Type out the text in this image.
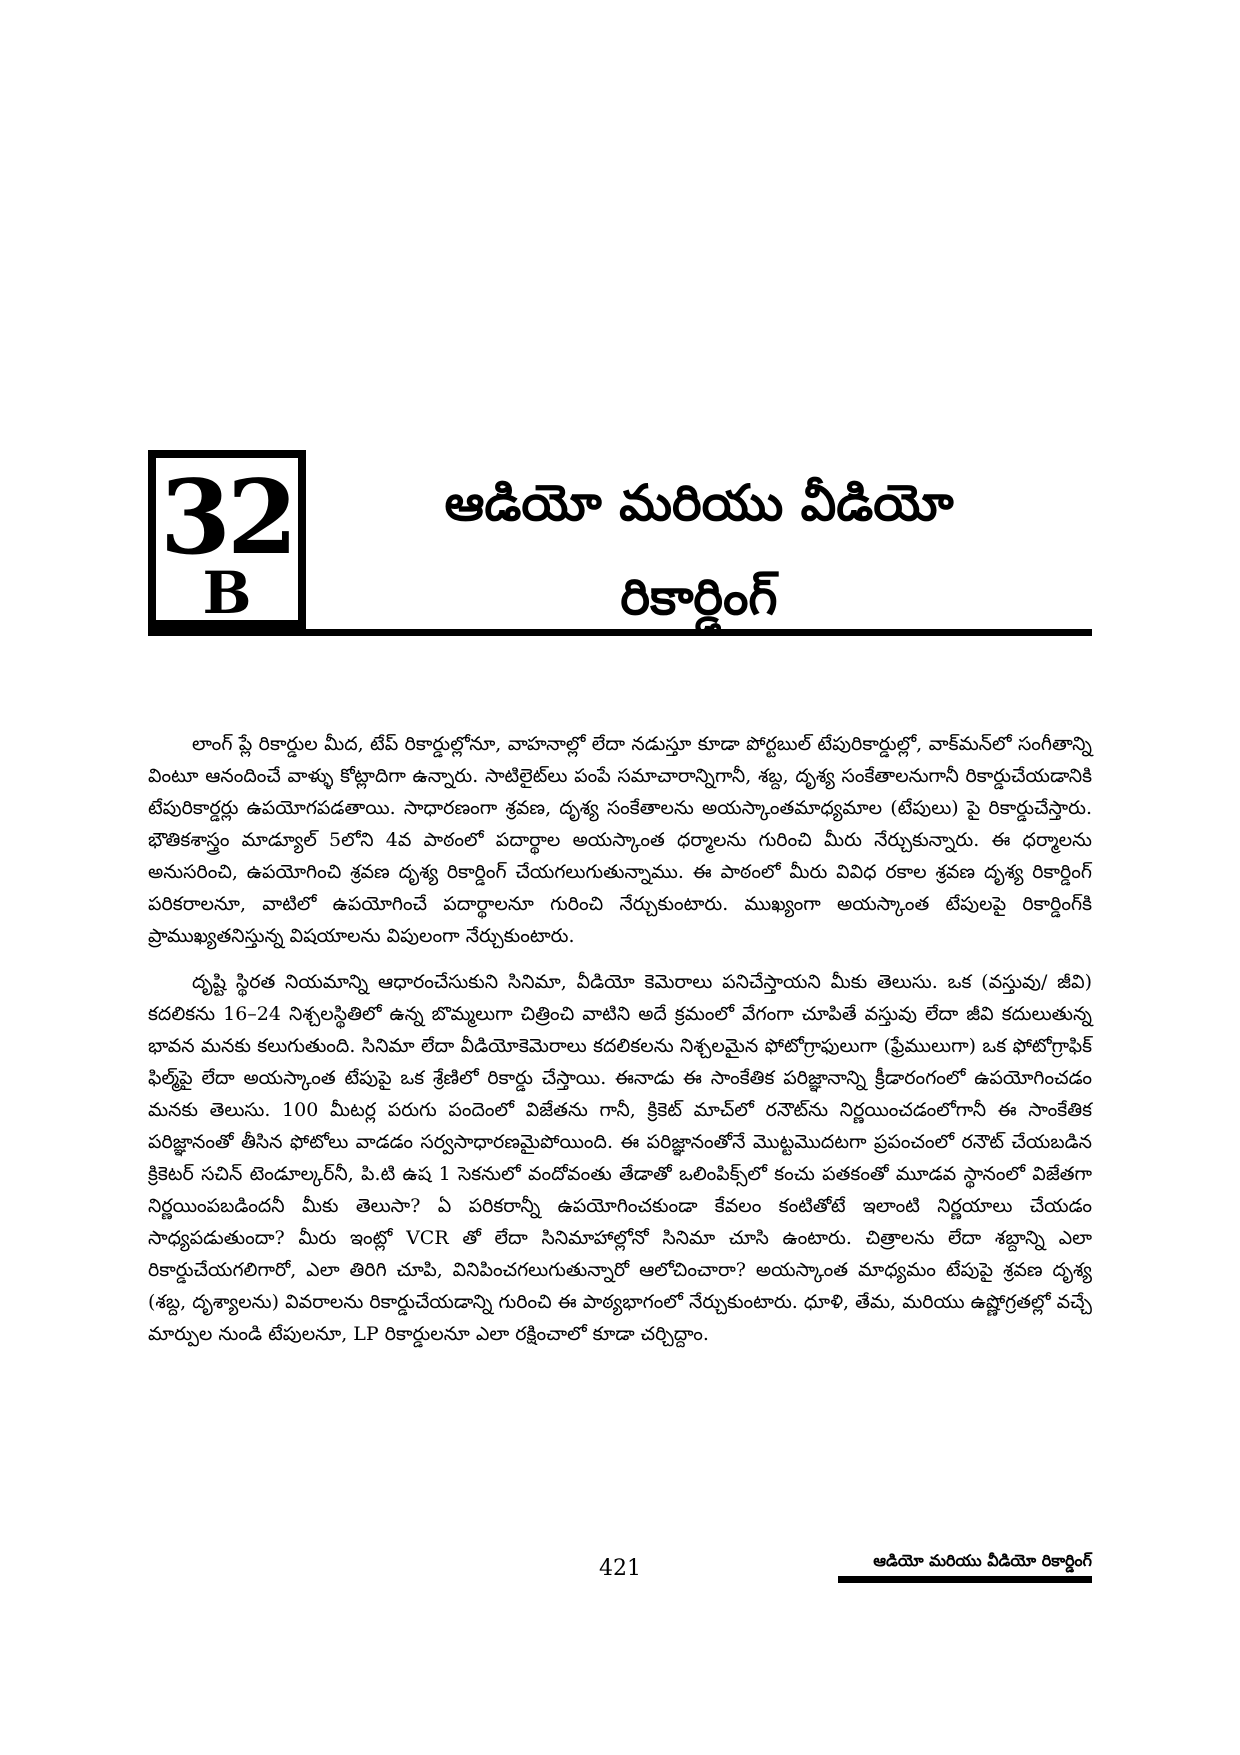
32
B
ఆడియో మరియు వీడియో
రికార్డింగ్

లాంగ్ ప్లే రికార్డుల మీద, టేప్ రికార్డుల్లోనూ, వాహనాల్లో లేదా నడుస్తూ కూడా పోర్టబుల్ టేపురికార్డుల్లో, వాక్‌మన్‌లో సంగీతాన్ని వింటూ ఆనందించే వాళ్ళు కోట్లాదిగా ఉన్నారు. సాటిలైట్‌లు పంపే సమాచారాన్నిగానీ, శబ్ద, దృశ్య సంకేతాలనుగానీ రికార్డుచేయడానికి టేపురికార్డర్లు ఉపయోగపడతాయి. సాధారణంగా శ్రవణ, దృశ్య సంకేతాలను అయస్కాంతమాధ్యమాల (టేపులు) పై రికార్డుచేస్తారు. భౌతికశాస్త్రం మాడ్యూల్ 5లోని 4వ పాఠంలో పదార్థాల అయస్కాంత ధర్మాలను గురించి మీరు నేర్చుకున్నారు. ఈ ధర్మాలను అనుసరించి, ఉపయోగించి శ్రవణ దృశ్య రికార్డింగ్ చేయగలుగుతున్నాము. ఈ పాఠంలో మీరు వివిధ రకాల శ్రవణ దృశ్య రికార్డింగ్ పరికరాలనూ, వాటిలో ఉపయోగించే పదార్థాలనూ గురించి నేర్చుకుంటారు. ముఖ్యంగా అయస్కాంత టేపులపై రికార్డింగ్‌కి ప్రాముఖ్యతనిస్తున్న విషయాలను విపులంగా నేర్చుకుంటారు.

దృష్టి స్థిరత నియమాన్ని ఆధారంచేసుకుని సినిమా, వీడియో కెమెరాలు పనిచేస్తాయని మీకు తెలుసు. ఒక (వస్తువు/ జీవి) కదలికను 16–24 నిశ్చలస్థితిలో ఉన్న బొమ్మలుగా చిత్రించి వాటిని అదే క్రమంలో వేగంగా చూపితే వస్తువు లేదా జీవి కదులుతున్న భావన మనకు కలుగుతుంది. సినిమా లేదా వీడియోకెమెరాలు కదలికలను నిశ్చలమైన ఫోటోగ్రాఫులుగా (ఫ్రేములుగా) ఒక ఫోటోగ్రాఫిక్ ఫిల్మ్‌పై లేదా అయస్కాంత టేపుపై ఒక శ్రేణిలో రికార్డు చేస్తాయి. ఈనాడు ఈ సాంకేతిక పరిజ్ఞానాన్ని క్రీడారంగంలో ఉపయోగించడం మనకు తెలుసు. 100 మీటర్ల పరుగు పందెంలో విజేతను గానీ, క్రికెట్ మాచ్‌లో రనౌట్‌ను నిర్ణయించడంలోగానీ ఈ సాంకేతిక పరిజ్ఞానంతో తీసిన ఫోటోలు వాడడం సర్వసాధారణమైపోయింది. ఈ పరిజ్ఞానంతోనే మొట్టమొదటగా ప్రపంచంలో రనౌట్ చేయబడిన క్రికెటర్ సచిన్ టెండూల్కర్‌నీ, పి.టి ఉష 1 సెకనులో వందోవంతు తేడాతో ఒలింపిక్స్‌లో కంచు పతకంతో మూడవ స్థానంలో విజేతగా నిర్ణయింపబడిందనీ మీకు తెలుసా? ఏ పరికరాన్నీ ఉపయోగించకుండా కేవలం కంటితోటే ఇలాంటి నిర్ణయాలు చేయడం సాధ్యపడుతుందా? మీరు ఇంట్లో VCR తో లేదా సినిమాహాల్లోనో సినిమా చూసి ఉంటారు. చిత్రాలను లేదా శబ్దాన్ని ఎలా రికార్డుచేయగలిగారో, ఎలా తిరిగి చూపి, వినిపించగలుగుతున్నారో ఆలోచించారా? అయస్కాంత మాధ్యమం టేపుపై శ్రవణ దృశ్య (శబ్ద, దృశ్యాలను) వివరాలను రికార్డుచేయడాన్ని గురించి ఈ పాఠ్యభాగంలో నేర్చుకుంటారు. ధూళి, తేమ, మరియు ఉష్ణోగ్రతల్లో వచ్చే మార్పుల నుండి టేపులనూ, LP రికార్డులనూ ఎలా రక్షించాలో కూడా చర్చిద్దాం.

421	ఆడియో మరియు వీడియో రికార్డింగ్
